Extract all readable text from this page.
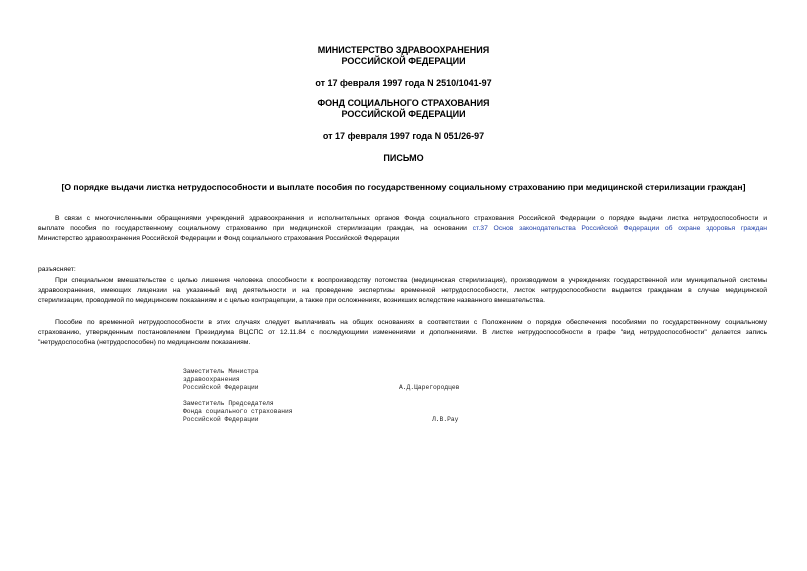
МИНИСТЕРСТВО ЗДРАВООХРАНЕНИЯ
РОССИЙСКОЙ ФЕДЕРАЦИИ
от 17 февраля 1997 года N 2510/1041-97
ФОНД СОЦИАЛЬНОГО СТРАХОВАНИЯ
РОССИЙСКОЙ ФЕДЕРАЦИИ
от 17 февраля 1997 года N 051/26-97
ПИСЬМО
[О порядке выдачи листка нетрудоспособности и выплате пособия по государственному социальному страхованию при медицинской стерилизации граждан]
В связи с многочисленными обращениями учреждений здравоохранения и исполнительных органов Фонда социального страхования Российской Федерации о порядке выдачи листка нетрудоспособности и
выплате пособия по государственному социальному страхованию при медицинской стерилизации граждан, на основании ст.37 Основ законодательства Российской Федерации об охране здоровья граждан
Министерство здравоохранения Российской Федерации и Фонд социального страхования Российской Федерации
разъясняет:
При специальном вмешательстве с целью лишения человека способности к воспроизводству потомства (медицинская стерилизация), производимом в учреждениях государственной или муниципальной системы
здравоохранения, имеющих лицензии на указанный вид деятельности и на проведение экспертизы временной нетрудоспособности, листок нетрудоспособности выдается гражданам в случае медицинской
стерилизации, проводимой по медицинским показаниям и с целью контрацепции, а также при осложнениях, возникших вследствие названного вмешательства.
Пособие по временной нетрудоспособности в этих случаях следует выплачивать на общих основаниях в соответствии с Положением о порядке обеспечения пособиями по государственному социальному
страхованию, утвержденным постановлением Президиума ВЦСПС от 12.11.84 с последующими изменениями и дополнениями. В листке нетрудоспособности в графе "вид нетрудоспособности" делается запись
"нетрудоспособна (нетрудоспособен) по медицинским показаниям.
Заместитель Министра
здравоохранения
Российской Федерации	А.Д.Царегородцев
Заместитель Председателя
Фонда социального страхования
Российской Федерации	Л.В.Рау
